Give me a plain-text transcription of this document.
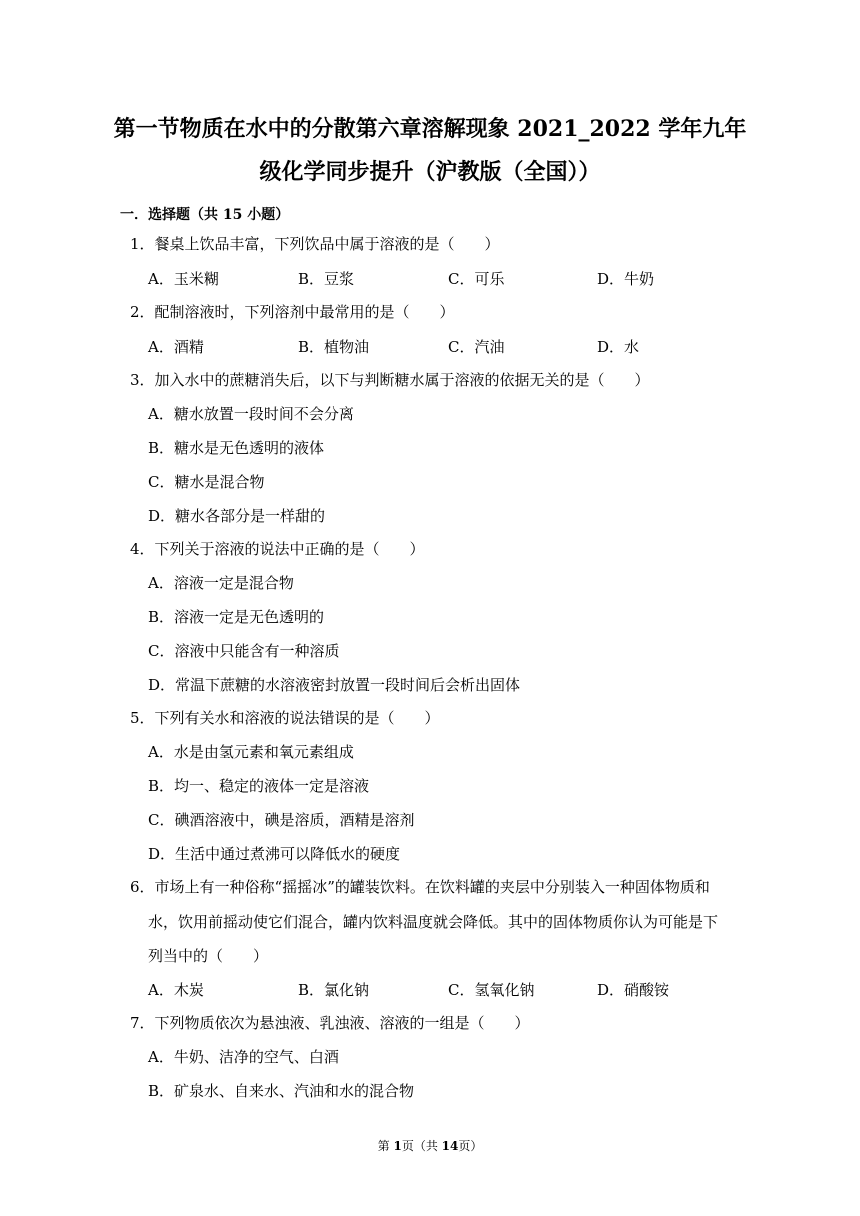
第一节物质在水中的分散第六章溶解现象 2021_2022 学年九年
级化学同步提升（沪教版（全国））
一．选择题（共 15 小题）
1．餐桌上饮品丰富，下列饮品中属于溶液的是（　　）
A．玉米糊	B．豆浆	C．可乐	D．牛奶
2．配制溶液时，下列溶剂中最常用的是（　　）
A．酒精	B．植物油	C．汽油	D．水
3．加入水中的蔗糖消失后，以下与判断糖水属于溶液的依据无关的是（　　）
A．糖水放置一段时间不会分离
B．糖水是无色透明的液体
C．糖水是混合物
D．糖水各部分是一样甜的
4．下列关于溶液的说法中正确的是（　　）
A．溶液一定是混合物
B．溶液一定是无色透明的
C．溶液中只能含有一种溶质
D．常温下蔗糖的水溶液密封放置一段时间后会析出固体
5．下列有关水和溶液的说法错误的是（　　）
A．水是由氢元素和氧元素组成
B．均一、稳定的液体一定是溶液
C．碘酒溶液中，碘是溶质，酒精是溶剂
D．生活中通过煮沸可以降低水的硬度
6．市场上有一种俗称“摇摇冰”的罐装饮料。在饮料罐的夹层中分别装入一种固体物质和
水，饮用前摇动使它们混合，罐内饮料温度就会降低。其中的固体物质你认为可能是下
列当中的（　　）
A．木炭	B．氯化钠	C．氢氧化钠	D．硝酸铵
7．下列物质依次为悬浊液、乳浊液、溶液的一组是（　　）
A．牛奶、洁净的空气、白酒
B．矿泉水、自来水、汽油和水的混合物
第 1页（共 14页）
